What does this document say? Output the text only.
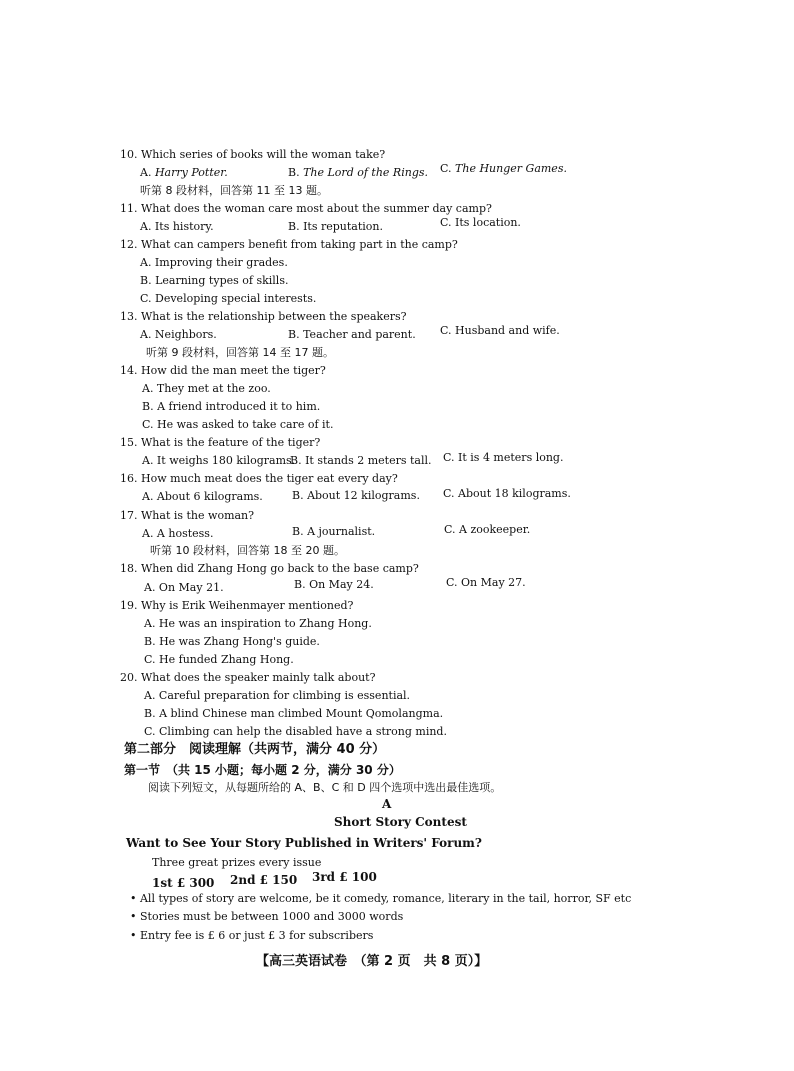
10. Which series of books will the woman take?
A. Harry Potter.	B. The Lord of the Rings. C. The Hunger Games.
听第 8 段材料，回答第 11 至 13 题。
11. What does the woman care most about the summer day camp?
A. Its history.	B. Its reputation.	C. Its location.
12. What can campers benefit from taking part in the camp?
A. Improving their grades.
B. Learning types of skills.
C. Developing special interests.
13. What is the relationship between the speakers?
A. Neighbors.	B. Teacher and parent. C. Husband and wife.
听第 9 段材料，回答第 14 至 17 题。
14. How did the man meet the tiger?
A. They met at the zoo.
B. A friend introduced it to him.
C. He was asked to take care of it.
15. What is the feature of the tiger?
A. It weighs 180 kilograms.
B. It stands 2 meters tall. C. It is 4 meters long.
16. How much meat does the tiger eat every day?
A. About 6 kilograms.	B. About 12 kilograms. C. About 18 kilograms.
17. What is the woman?
A. A hostess.	B. A journalist.	C. A zookeeper.
听第 10 段材料，回答第 18 至 20 题。
18. When did Zhang Hong go back to the base camp?
A. On May 21.	B. On May 24.	C. On May 27.
19. Why is Erik Weihenmayer mentioned?
A. He was an inspiration to Zhang Hong.
B. He was Zhang Hong's guide.
C. He funded Zhang Hong.
20. What does the speaker mainly talk about?
A. Careful preparation for climbing is essential.
B. A blind Chinese man climbed Mount Qomolangma.
C. Climbing can help the disabled have a strong mind.
第二部分　阅读理解（共两节，满分 40 分）
第一节　（共 15 小题；每小题 2 分，满分 30 分）
阅读下列短文，从每题所给的 A、B、C 和 D 四个选项中选出最佳选项。
A
Short Story Contest
Want to See Your Story Published in Writers' Forum?
Three great prizes every issue
1st £ 300 2nd £ 150 3rd £ 100
• All types of story are welcome, be it comedy, romance, literary in the tail, horror, SF etc
• Stories must be between 1000 and 3000 words
• Entry fee is £ 6 or just £ 3 for subscribers
【高三英语试卷　（第 2 页　共 8 页）】
